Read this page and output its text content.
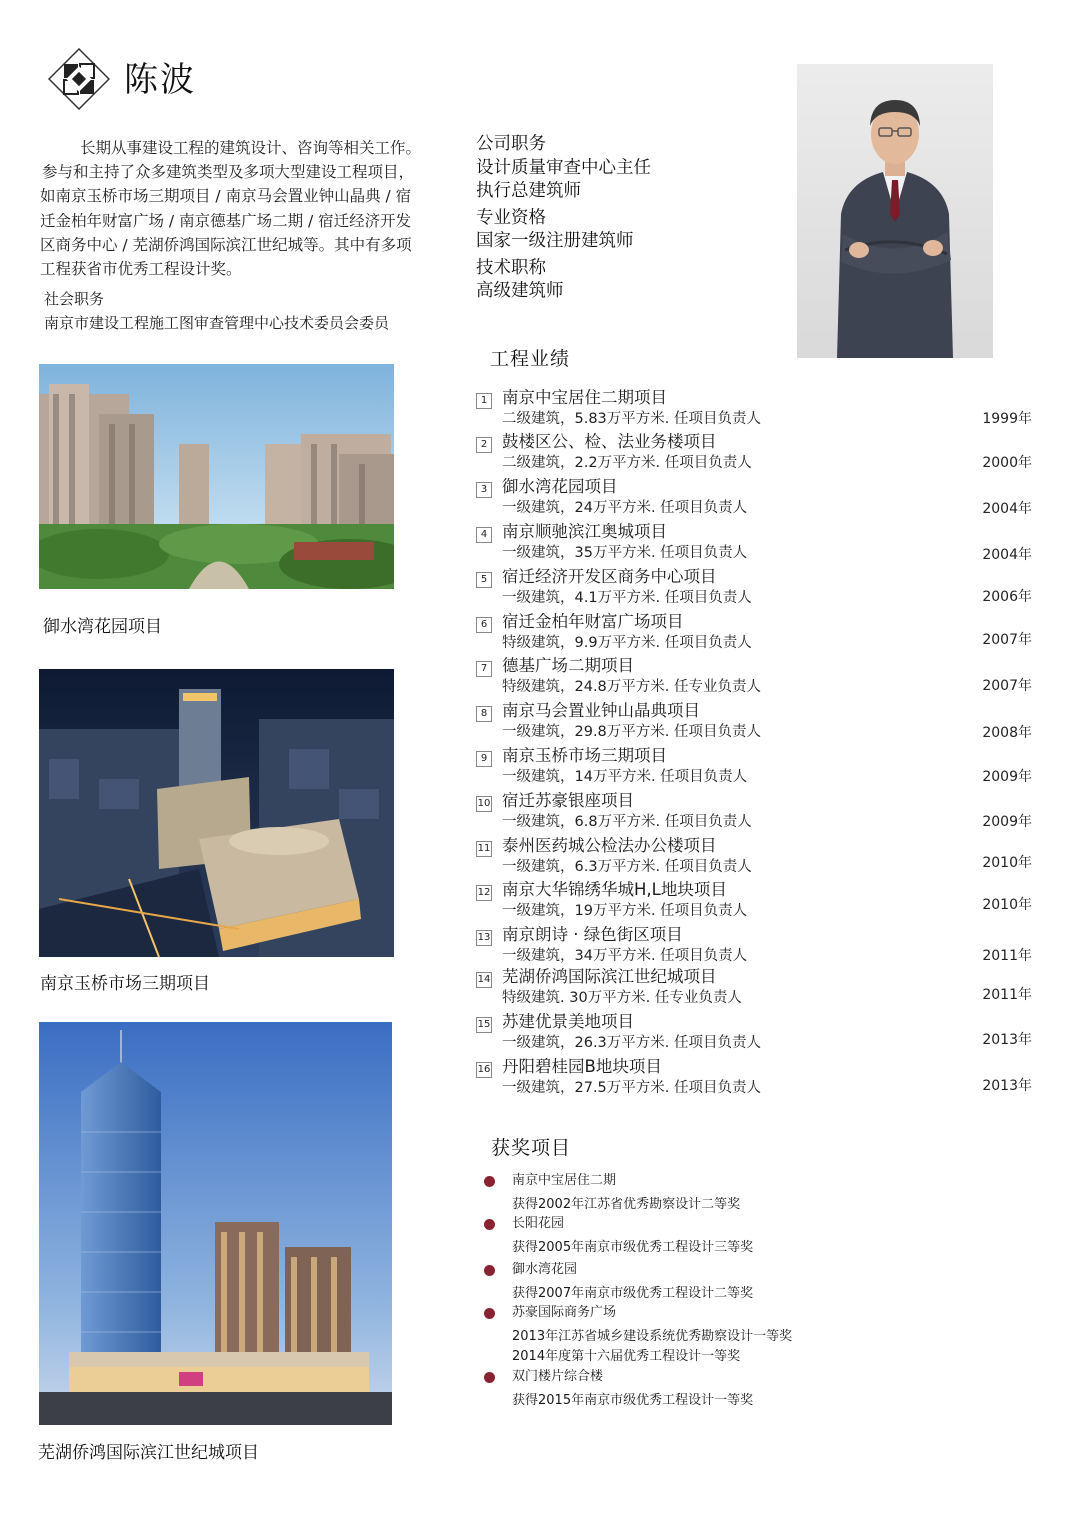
陈波

长期从事建设工程的建筑设计、咨询等相关工作。

参与和主持了众多建筑类型及多项大型建设工程项目，

如南京玉桥市场三期项目 / 南京马会置业钟山晶典 / 宿

迁金柏年财富广场 / 南京德基广场二期 / 宿迁经济开发

区商务中心 / 芜湖侨鸿国际滨江世纪城等。其中有多项

工程获省市优秀工程设计奖。

社会职务
南京市建设工程施工图审查管理中心技术委员会委员
公司职务
设计质量审查中心主任
执行总建筑师
专业资格
国家一级注册建筑师
技术职称
高级建筑师
御水湾花园项目
南京玉桥市场三期项目
芜湖侨鸿国际滨江世纪城项目
工程业绩
1 南京中宝居住二期项目
二级建筑，5.83万平方米. 任项目负责人	1999年
2 鼓楼区公、检、法业务楼项目
二级建筑，2.2万平方米. 任项目负责人	2000年
3 御水湾花园项目
一级建筑，24万平方米. 任项目负责人	2004年
4 南京顺驰滨江奥城项目
一级建筑，35万平方米. 任项目负责人	2004年
5 宿迁经济开发区商务中心项目
一级建筑，4.1万平方米. 任项目负责人	2006年
6 宿迁金柏年财富广场项目
特级建筑，9.9万平方米. 任项目负责人	2007年
7 德基广场二期项目
特级建筑，24.8万平方米. 任专业负责人	2007年
8 南京马会置业钟山晶典项目
一级建筑，29.8万平方米. 任项目负责人	2008年
9 南京玉桥市场三期项目
一级建筑，14万平方米. 任项目负责人	2009年
10 宿迁苏豪银座项目
一级建筑，6.8万平方米. 任项目负责人	2009年
11 泰州医药城公检法办公楼项目
一级建筑，6.3万平方米. 任项目负责人	2010年
12 南京大华锦绣华城H,L地块项目
一级建筑，19万平方米. 任项目负责人	2010年
13 南京朗诗 · 绿色街区项目
一级建筑，34万平方米. 任项目负责人	2011年
14 芜湖侨鸿国际滨江世纪城项目
特级建筑. 30万平方米. 任专业负责人	2011年
15 苏建优景美地项目
一级建筑，26.3万平方米. 任项目负责人	2013年
16 丹阳碧桂园B地块项目
一级建筑，27.5万平方米. 任项目负责人	2013年
获奖项目
南京中宝居住二期
获得2002年江苏省优秀勘察设计二等奖
长阳花园
获得2005年南京市级优秀工程设计三等奖
御水湾花园
获得2007年南京市级优秀工程设计二等奖
苏豪国际商务广场
2013年江苏省城乡建设系统优秀勘察设计一等奖
2014年度第十六届优秀工程设计一等奖
双门楼片综合楼
获得2015年南京市级优秀工程设计一等奖
